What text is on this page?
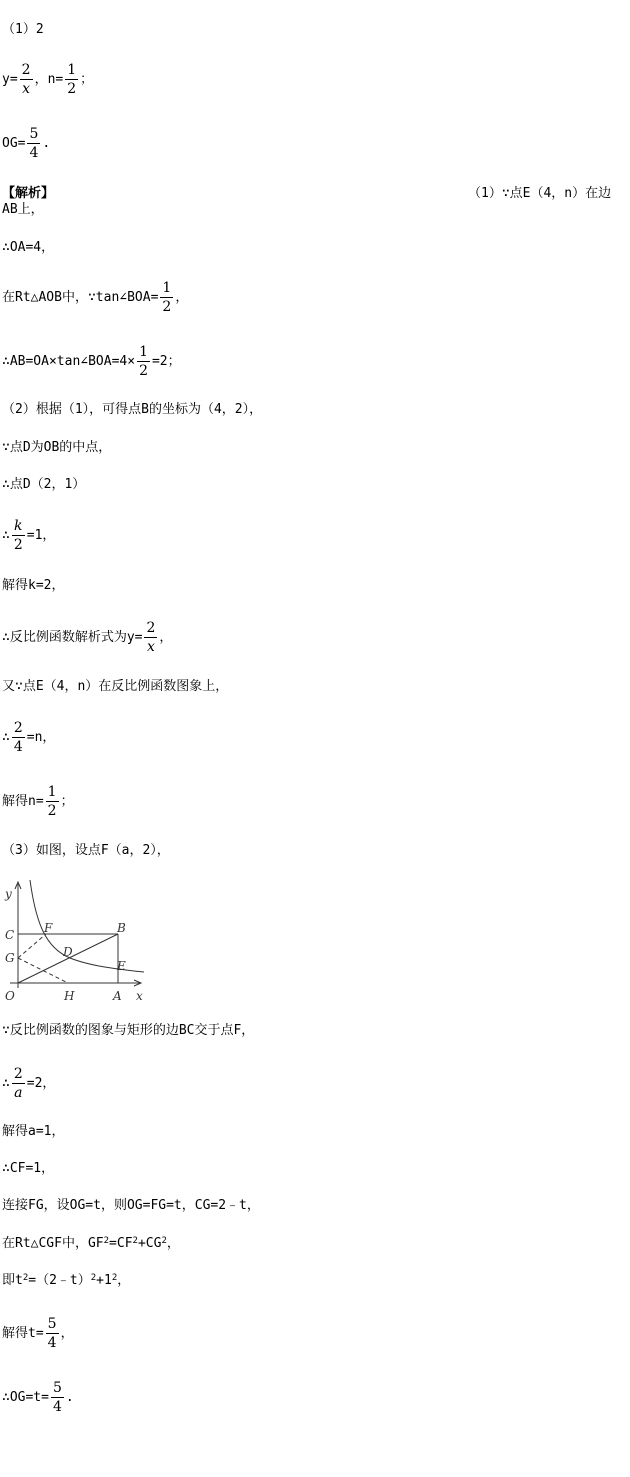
（1）2
$y= \frac{2}{x}$ ，$n= \frac{1}{2}$ ；
$OG= \frac{5}{4}$ .
【解析】	（1）∵点E（4，n）在边
AB上，
∴OA=4，
在Rt△AOB中，∵tan∠BOA= $\frac{1}{2}$ ，
∴AB=OA×tan∠BOA=4× $\frac{1}{2} =2$；
（2）根据（1），可得点B的坐标为（4，2），
∵点D为OB的中点，
∴点D（2，1）
∴ $\frac{k}{2} =1$，
解得k=2，
∴反比例函数解析式为$y= \frac{2}{x}$ ，
又∵点E（4，n）在反比例函数图象上，
∴ $\frac{2}{4} =n$，
解得$n= \frac{1}{2}$ ；
（3）如图，设点F（a，2），
y
x
O
C F	B
G	D
E
H	A
∵反比例函数的图象与矩形的边BC交于点F，
∴ $\frac{2}{a} =2$，
解得a=1，
∴CF=1，
连接FG，设OG=t，则OG=FG=t，CG=2﹣t，
在Rt△CGF中，$GF^2=CF^2+CG^2$，
即$t^2=(2﹣t)^2+1^2$，
解得$t= \frac{5}{4}$ ，
∴OG=t= $\frac{5}{4}$ .
